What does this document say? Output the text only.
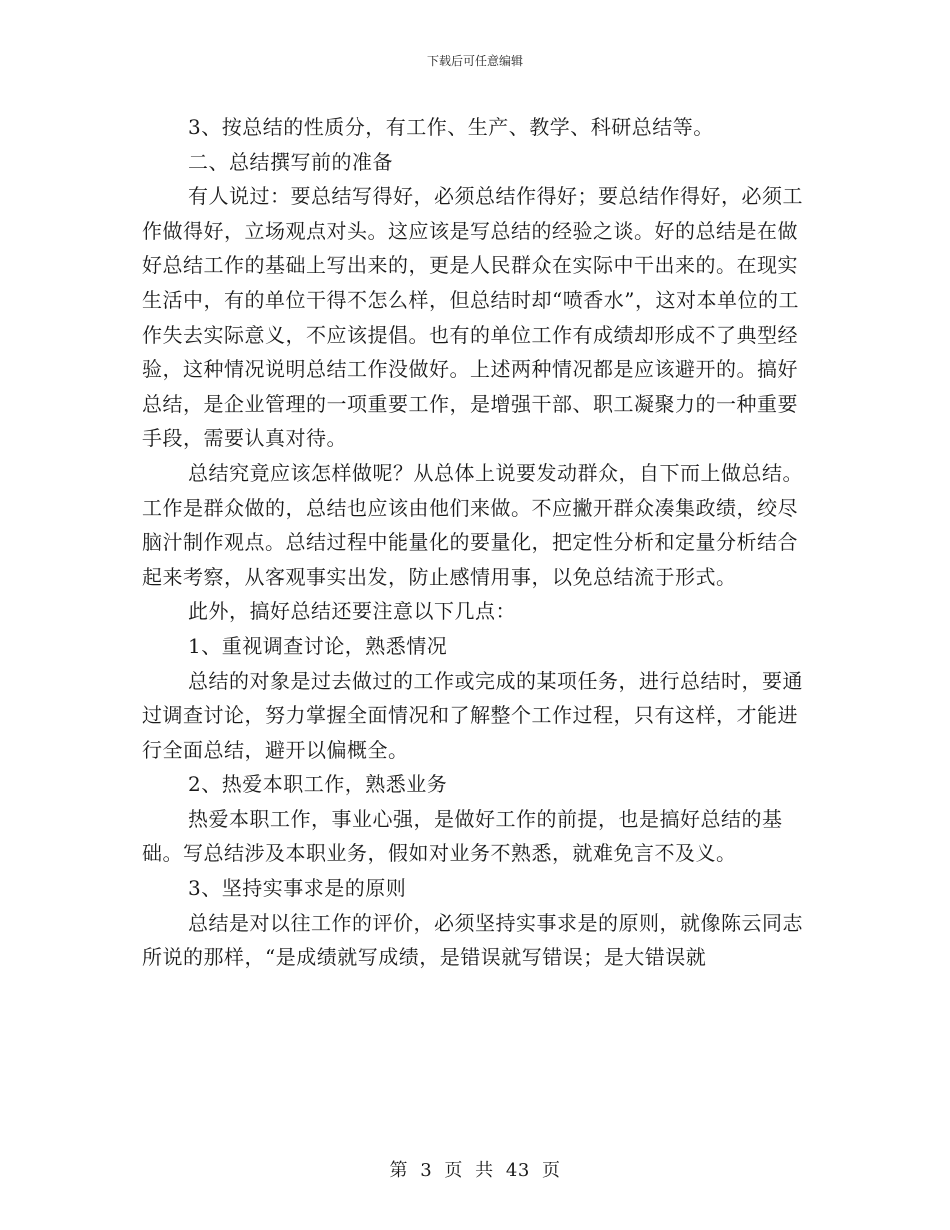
下载后可任意编辑

3、按总结的性质分，有工作、生产、教学、科研总结等。

二、总结撰写前的准备

有人说过：要总结写得好，必须总结作得好；要总结作得好，必须工作做得好，立场观点对头。这应该是写总结的经验之谈。好的总结是在做好总结工作的基础上写出来的，更是人民群众在实际中干出来的。在现实生活中，有的单位干得不怎么样，但总结时却“喷香水”，这对本单位的工作失去实际意义，不应该提倡。也有的单位工作有成绩却形成不了典型经验，这种情况说明总结工作没做好。上述两种情况都是应该避开的。搞好总结，是企业管理的一项重要工作，是增强干部、职工凝聚力的一种重要手段，需要认真对待。

总结究竟应该怎样做呢？从总体上说要发动群众，自下而上做总结。工作是群众做的，总结也应该由他们来做。不应撇开群众凑集政绩，绞尽脑汁制作观点。总结过程中能量化的要量化，把定性分析和定量分析结合起来考察，从客观事实出发，防止感情用事，以免总结流于形式。

此外，搞好总结还要注意以下几点：

1、重视调查讨论，熟悉情况

总结的对象是过去做过的工作或完成的某项任务，进行总结时，要通过调查讨论，努力掌握全面情况和了解整个工作过程，只有这样，才能进行全面总结，避开以偏概全。

2、热爱本职工作，熟悉业务

热爱本职工作，事业心强，是做好工作的前提，也是搞好总结的基础。写总结涉及本职业务，假如对业务不熟悉，就难免言不及义。

3、坚持实事求是的原则

总结是对以往工作的评价，必须坚持实事求是的原则，就像陈云同志所说的那样，“是成绩就写成绩，是错误就写错误；是大错误就

第 3 页 共 43 页
